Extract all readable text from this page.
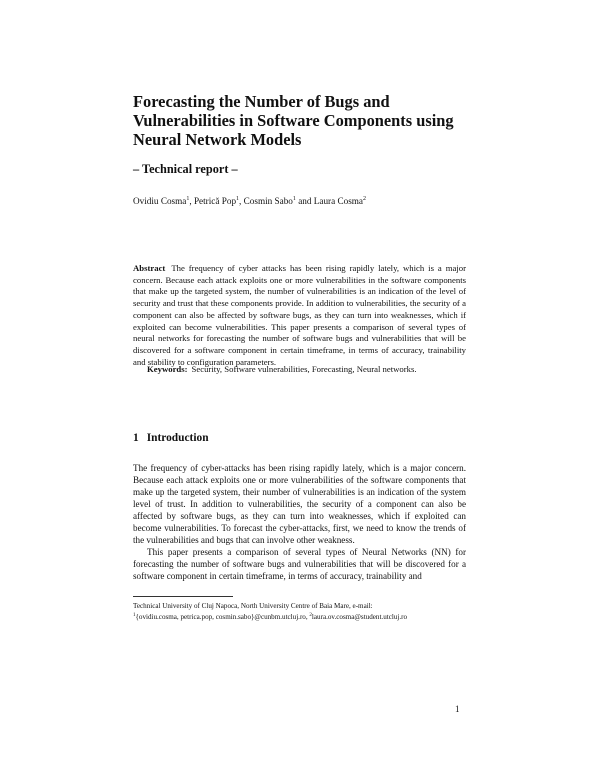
Forecasting the Number of Bugs and Vulnerabilities in Software Components using Neural Network Models
– Technical report –
Ovidiu Cosma$^1$, Petrică Pop$^1$, Cosmin Sabo$^1$ and Laura Cosma$^2$
Abstract The frequency of cyber attacks has been rising rapidly lately, which is a major concern. Because each attack exploits one or more vulnerabilities in the software components that make up the targeted system, the number of vulnerabilities is an indication of the level of security and trust that these components provide. In addition to vulnerabilities, the security of a component can also be affected by software bugs, as they can turn into weaknesses, which if exploited can become vulnerabilities. This paper presents a comparison of several types of neural networks for forecasting the number of software bugs and vulnerabilities that will be discovered for a software component in certain timeframe, in terms of accuracy, trainability and stability to configuration parameters.
Keywords: Security, Software vulnerabilities, Forecasting, Neural networks.
1 Introduction

The frequency of cyber-attacks has been rising rapidly lately, which is a major concern. Because each attack exploits one or more vulnerabilities of the software components that make up the targeted system, their number of vulnerabilities is an indication of the system level of trust. In addition to vulnerabilities, the security of a component can also be affected by software bugs, as they can turn into weaknesses, which if exploited can become vulnerabilities. To forecast the cyber-attacks, first, we need to know the trends of the vulnerabilities and bugs that can involve other weakness.

This paper presents a comparison of several types of Neural Networks (NN) for forecasting the number of software bugs and vulnerabilities that will be discovered for a software component in certain timeframe, in terms of accuracy, trainability and

Technical University of Cluj Napoca, North University Centre of Baia Mare, e-mail:
$^1${ovidiu.cosma, petrica.pop, cosmin.sabo}@cunbm.utcluj.ro, $^2$laura.ov.cosma@student.utcluj.ro
1
